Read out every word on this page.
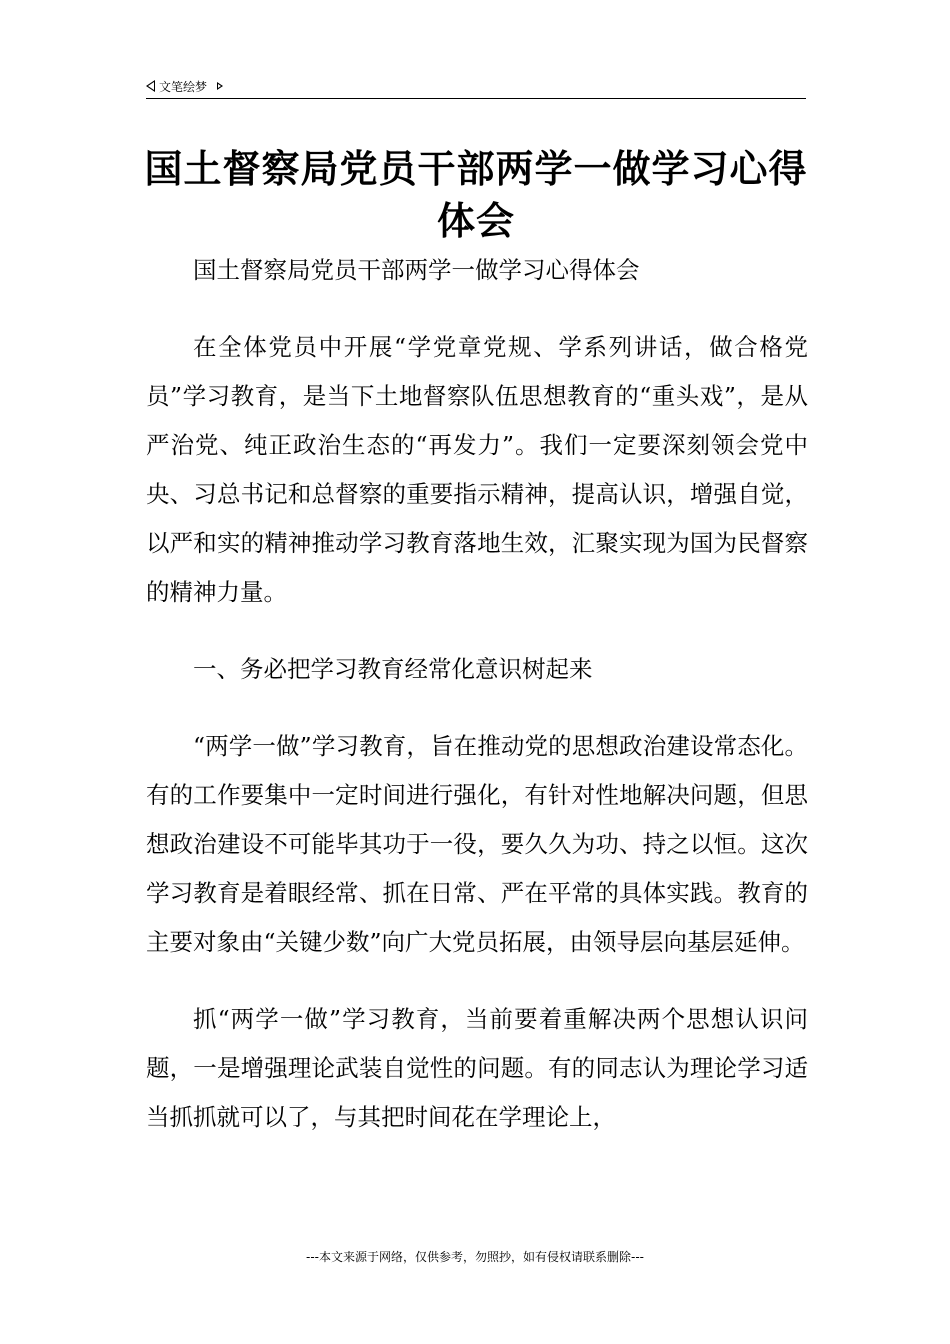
文笔绘梦
国土督察局党员干部两学一做学习心得体会

国土督察局党员干部两学一做学习心得体会

在全体党员中开展“学党章党规、学系列讲话，做合格党员”学习教育，是当下土地督察队伍思想教育的“重头戏”，是从严治党、纯正政治生态的“再发力”。我们一定要深刻领会党中央、习总书记和总督察的重要指示精神，提高认识，增强自觉，以严和实的精神推动学习教育落地生效，汇聚实现为国为民督察的精神力量。

一、务必把学习教育经常化意识树起来

“两学一做”学习教育，旨在推动党的思想政治建设常态化。有的工作要集中一定时间进行强化，有针对性地解决问题，但思想政治建设不可能毕其功于一役，要久久为功、持之以恒。这次学习教育是着眼经常、抓在日常、严在平常的具体实践。教育的主要对象由“关键少数”向广大党员拓展，由领导层向基层延伸。

抓“两学一做”学习教育，当前要着重解决两个思想认识问题，一是增强理论武装自觉性的问题。有的同志认为理论学习适当抓抓就可以了，与其把时间花在学理论上，

---本文来源于网络，仅供参考，勿照抄，如有侵权请联系删除---
